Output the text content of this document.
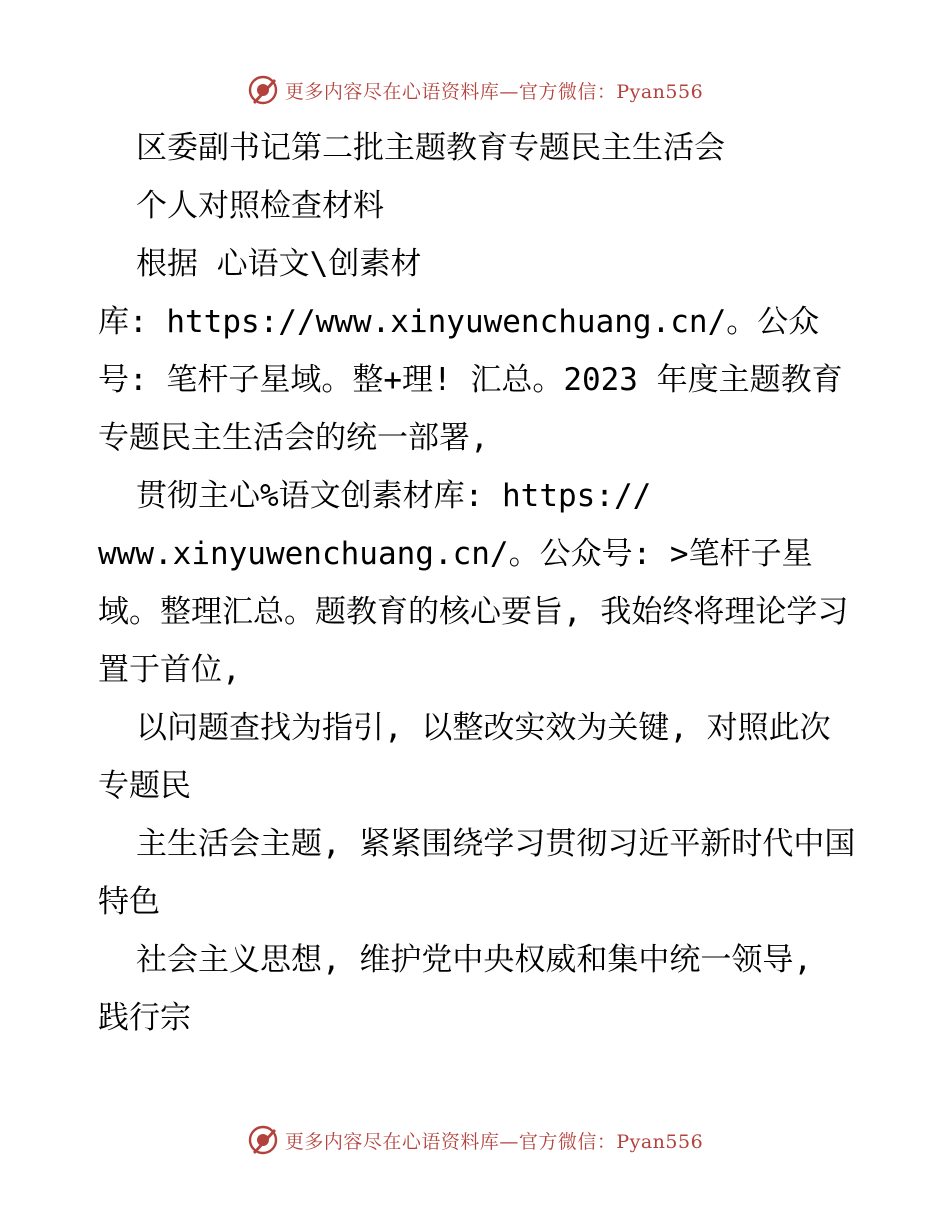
更多内容尽在心语资料库—官方微信：Pyan556

区委副书记第二批主题教育专题民主生活会

个人对照检查材料

根据 心语文\创素材

库: https://www.xinyuwenchuang.cn/。公众号: 笔杆子星域。整+理! 汇总。2023 年度主题教育专题民主生活会的统一部署,

贯彻主心%语文创素材库: https://

www.xinyuwenchuang.cn/。公众号: >笔杆子星域。整理汇总。题教育的核心要旨, 我始终将理论学习置于首位,

以问题查找为指引, 以整改实效为关键, 对照此次专题民

主生活会主题, 紧紧围绕学习贯彻习近平新时代中国特色

社会主义思想, 维护党中央权威和集中统一领导, 践行宗

更多内容尽在心语资料库—官方微信：Pyan556
